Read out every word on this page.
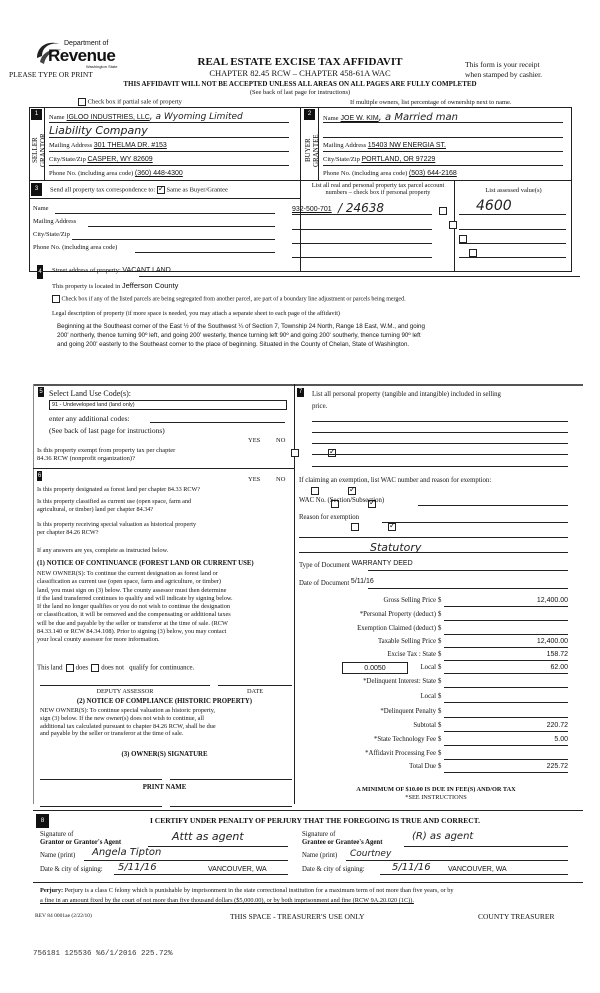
Department of
Revenue
Washington State
PLEASE TYPE OR PRINT
REAL ESTATE EXCISE TAX AFFIDAVIT
CHAPTER 82.45 RCW – CHAPTER 458-61A WAC
This form is your receipt
when stamped by cashier.
THIS AFFIDAVIT WILL NOT BE ACCEPTED UNLESS ALL AREAS ON ALL PAGES ARE FULLY COMPLETED
(See back of last page for instructions)
Check box if partial sale of property	If multiple owners, list percentage of ownership next to name.
1
SELLER
GRANTOR
Name IGLOO INDUSTRIES, LLC, a Wyoming Limited
Liability Company
Mailing Address 301 THELMA DR. #153
City/State/Zip CASPER, WY 82609
Phone No. (including area code) (360) 448-4300
2
BUYER
GRANTEE
Name JOE W. KIM, a Married man
Mailing Address 15403 NW ENERGIA ST.
City/State/Zip PORTLAND, OR 97229
Phone No. (including area code) (503) 644-2168
3	Send all property tax correspondence to: ✓ Same as Buyer/Grantee
Name
Mailing Address
City/State/Zip
Phone No. (including area code)
List all real and personal property tax parcel account
numbers – check box if personal property	List assessed value(s)
932-500-701 / 24638

	4600
4 Street address of property: VACANT LAND
This property is located in Jefferson County
Check box if any of the listed parcels are being segregated from another parcel, are part of a boundary line adjustment or parcels being merged.
Legal description of property (if more space is needed, you may attach a separate sheet to each page of the affidavit)
Beginning at the Southeast corner of the East ½ of the Southwest ¼ of Section 7, Township 24 North, Range 18 East, W.M., and going
200' northerly, thence turning 90º left, and going 200' westerly, thence turning left 90º and going 200' southerly, thence turning 90º left
and going 200' easterly to the Southeast corner to the place of beginning. Situated in the County of Chelan, State of Washington.
5 Select Land Use Code(s):
91 - Undeveloped land (land only)
enter any additional codes:
(See back of last page for instructions)
YES NO
Is this property exempt from property tax per chapter
84.36 RCW (nonprofit organization)?
✓
6	YES NO
Is this property designated as forest land per chapter 84.33 RCW?
✓
Is this property classified as current use (open space, farm and
agricultural, or timber) land per chapter 84.34?
✓
Is this property receiving special valuation as historical property
per chapter 84.26 RCW?
✓
If any answers are yes, complete as instructed below.
(1) NOTICE OF CONTINUANCE (FOREST LAND OR CURRENT USE)
NEW OWNER(S): To continue the current designation as forest land or
classification as current use (open space, farm and agriculture, or timber)
land, you must sign on (3) below. The county assessor must then determine
if the land transferred continues to qualify and will indicate by signing below.
If the land no longer qualifies or you do not wish to continue the designation
or classification, it will be removed and the compensating or additional taxes
will be due and payable by the seller or transferor at the time of sale. (RCW
84.33.140 or RCW 84.34.108). Prior to signing (3) below, you may contact
your local county assessor for more information.
This land does does not qualify for continuance.
DEPUTY ASSESSOR	DATE
(2) NOTICE OF COMPLIANCE (HISTORIC PROPERTY)
NEW OWNER(S): To continue special valuation as historic property,
sign (3) below. If the new owner(s) does not wish to continue, all
additional tax calculated pursuant to chapter 84.26 RCW, shall be due
and payable by the seller or transferor at the time of sale.
(3) OWNER(S) SIGNATURE
PRINT NAME
7 List all personal property (tangible and intangible) included in selling
price.
If claiming an exemption, list WAC number and reason for exemption:
WAC No. (Section/Subsection)
Reason for exemption
Statutory
Type of Document WARRANTY DEED
Date of Document 5/11/16
Gross Selling Price $	12,400.00
*Personal Property (deduct) $
Exemption Claimed (deduct) $
Taxable Selling Price $	12,400.00
Excise Tax : State $	158.72
0.0050	Local $	62.00
*Delinquent Interest: State $
Local $
*Delinquent Penalty $
Subtotal $	220.72
*State Technology Fee $	5.00
*Affidavit Processing Fee $
Total Due $	225.72
A MINIMUM OF $10.00 IS DUE IN FEE(S) AND/OR TAX
*SEE INSTRUCTIONS
8	I CERTIFY UNDER PENALTY OF PERJURY THAT THE FOREGOING IS TRUE AND CORRECT.
Signature of
Grantor or Grantor's Agent	Attt as agent
Name (print) Angela Tipton
Date & city of signing: 5/11/16	VANCOUVER, WA
Signature of
Grantee or Grantee's Agent
(R) as agent
Name (print) Courtney
Date & city of signing:	5/11/16 VANCOUVER, WA
Perjury: Perjury is a class C felony which is punishable by imprisonment in the state correctional institution for a maximum term of not more than five years, or by
a fine in an amount fixed by the court of not more than five thousand dollars ($5,000.00), or by both imprisonment and fine (RCW 9A.20.020 (1C)).
REV 84 0001ae (2/22/10)	THIS SPACE - TREASURER'S USE ONLY	COUNTY TREASURER
756181 125536 %6/1/2016 225.72%
